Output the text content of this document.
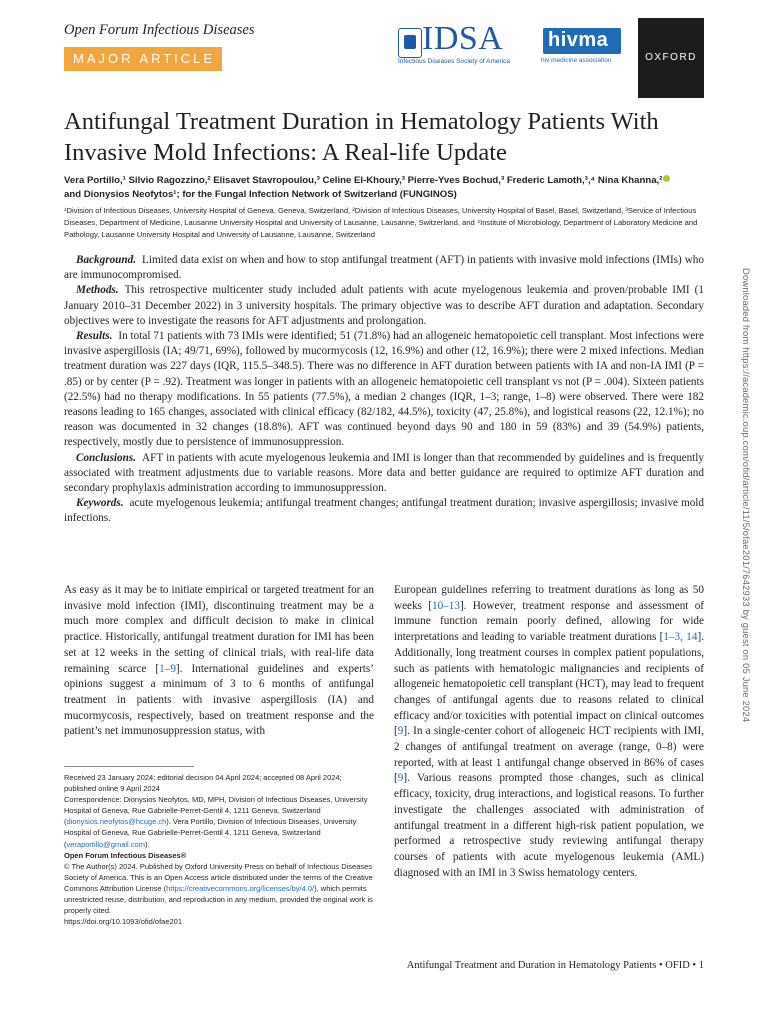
Open Forum Infectious Diseases
MAJOR ARTICLE
IDSA
Infectious Diseases Society of America
hivma
hiv medicine association	OXFORD
Antifungal Treatment Duration in Hematology Patients With Invasive Mold Infections: A Real-life Update
Vera Portillo,¹ Silvio Ragozzino,² Elisavet Stavropoulou,³ Celine El-Khoury,³ Pierre-Yves Bochud,³ Frederic Lamoth,³,⁴ Nina Khanna,²
and Dionysios Neofytos¹; for the Fungal Infection Network of Switzerland (FUNGINOS)
¹Division of Infectious Diseases, University Hospital of Geneva, Geneva, Switzerland, ²Division of Infectious Diseases, University Hospital of Basel, Basel, Switzerland, ³Service of Infectious Diseases, Department of Medicine, Lausanne University Hospital and University of Lausanne, Lausanne, Switzerland, and ⁴Institute of Microbiology, Department of Laboratory Medicine and Pathology, Lausanne University Hospital and University of Lausanne, Lausanne, Switzerland

Background. Limited data exist on when and how to stop antifungal treatment (AFT) in patients with invasive mold infections (IMIs) who are immunocompromised.

Methods. This retrospective multicenter study included adult patients with acute myelogenous leukemia and proven/probable IMI (1 January 2010–31 December 2022) in 3 university hospitals. The primary objective was to describe AFT duration and adaptation. Secondary objectives were to investigate the reasons for AFT adjustments and prolongation.

Results. In total 71 patients with 73 IMIs were identified; 51 (71.8%) had an allogeneic hematopoietic cell transplant. Most infections were invasive aspergillosis (IA; 49/71, 69%), followed by mucormycosis (12, 16.9%) and other (12, 16.9%); there were 2 mixed infections. Median treatment duration was 227 days (IQR, 115.5–348.5). There was no difference in AFT duration between patients with IA and non-IA IMI (P = .85) or by center (P = .92). Treatment was longer in patients with an allogeneic hematopoietic cell transplant vs not (P = .004). Sixteen patients (22.5%) had no therapy modifications. In 55 patients (77.5%), a median 2 changes (IQR, 1–3; range, 1–8) were observed. There were 182 reasons leading to 165 changes, associated with clinical efficacy (82/182, 44.5%), toxicity (47, 25.8%), and logistical reasons (22, 12.1%); no reason was documented in 32 changes (18.8%). AFT was continued beyond days 90 and 180 in 59 (83%) and 39 (54.9%) patients, respectively, mostly due to persistence of immunosuppression.

Conclusions. AFT in patients with acute myelogenous leukemia and IMI is longer than that recommended by guidelines and is frequently associated with treatment adjustments due to variable reasons. More data and better guidance are required to optimize AFT duration and secondary prophylaxis administration according to immunosuppression.

Keywords. acute myelogenous leukemia; antifungal treatment changes; antifungal treatment duration; invasive aspergillosis; invasive mold infections.

As easy as it may be to initiate empirical or targeted treatment for an invasive mold infection (IMI), discontinuing treatment may be a much more complex and difficult decision to make in clinical practice. Historically, antifungal treatment duration for IMI has been set at 12 weeks in the setting of clinical trials, with real-life data remaining scarce [1–9]. International guidelines and experts’ opinions suggest a minimum of 3 to 6 months of antifungal treatment in patients with invasive aspergillosis (IA) and mucormycosis, respectively, based on treatment response and the patient’s net immunosuppression status, with

Received 23 January 2024; editorial decision 04 April 2024; accepted 08 April 2024; published online 9 April 2024

Correspondence: Dionysios Neofytos, MD, MPH, Division of Infectious Diseases, University Hospital of Geneva, Rue Gabrielle-Perret-Gentil 4, 1211 Geneva, Switzerland (dionysios.neofytos@hcuge.ch). Vera Portillo, Division of Infectious Diseases, University Hospital of Geneva, Rue Gabrielle-Perret-Gentil 4, 1211 Geneva, Switzerland (veraportillo@gmail.com).

Open Forum Infectious Diseases®

© The Author(s) 2024. Published by Oxford University Press on behalf of Infectious Diseases Society of America. This is an Open Access article distributed under the terms of the Creative Commons Attribution License (https://creativecommons.org/licenses/by/4.0/), which permits unrestricted reuse, distribution, and reproduction in any medium, provided the original work is properly cited.

https://doi.org/10.1093/ofid/ofae201

European guidelines referring to treatment durations as long as 50 weeks [10–13]. However, treatment response and assessment of immune function remain poorly defined, allowing for wide interpretations and leading to variable treatment durations [1–3, 14]. Additionally, long treatment courses in complex patient populations, such as patients with hematologic malignancies and recipients of allogeneic hematopoietic cell transplant (HCT), may lead to frequent changes of antifungal agents due to reasons related to clinical efficacy and/or toxicities with potential impact on clinical outcomes [9]. In a single-center cohort of allogeneic HCT recipients with IMI, 2 changes of antifungal treatment on average (range, 0–8) were reported, with at least 1 antifungal change observed in 86% of cases [9]. Various reasons prompted those changes, such as clinical efficacy, toxicity, drug interactions, and logistical reasons. To further investigate the challenges associated with administration of antifungal treatment in a different high-risk patient population, we performed a retrospective study reviewing antifungal therapy courses of patients with acute myelogenous leukemia (AML) diagnosed with an IMI in 3 Swiss hematology centers.

Downloaded from https://academic.oup.com/ofid/article/11/5/ofae201/7642933 by guest on 05 June 2024
Antifungal Treatment and Duration in Hematology Patients • OFID • 1
